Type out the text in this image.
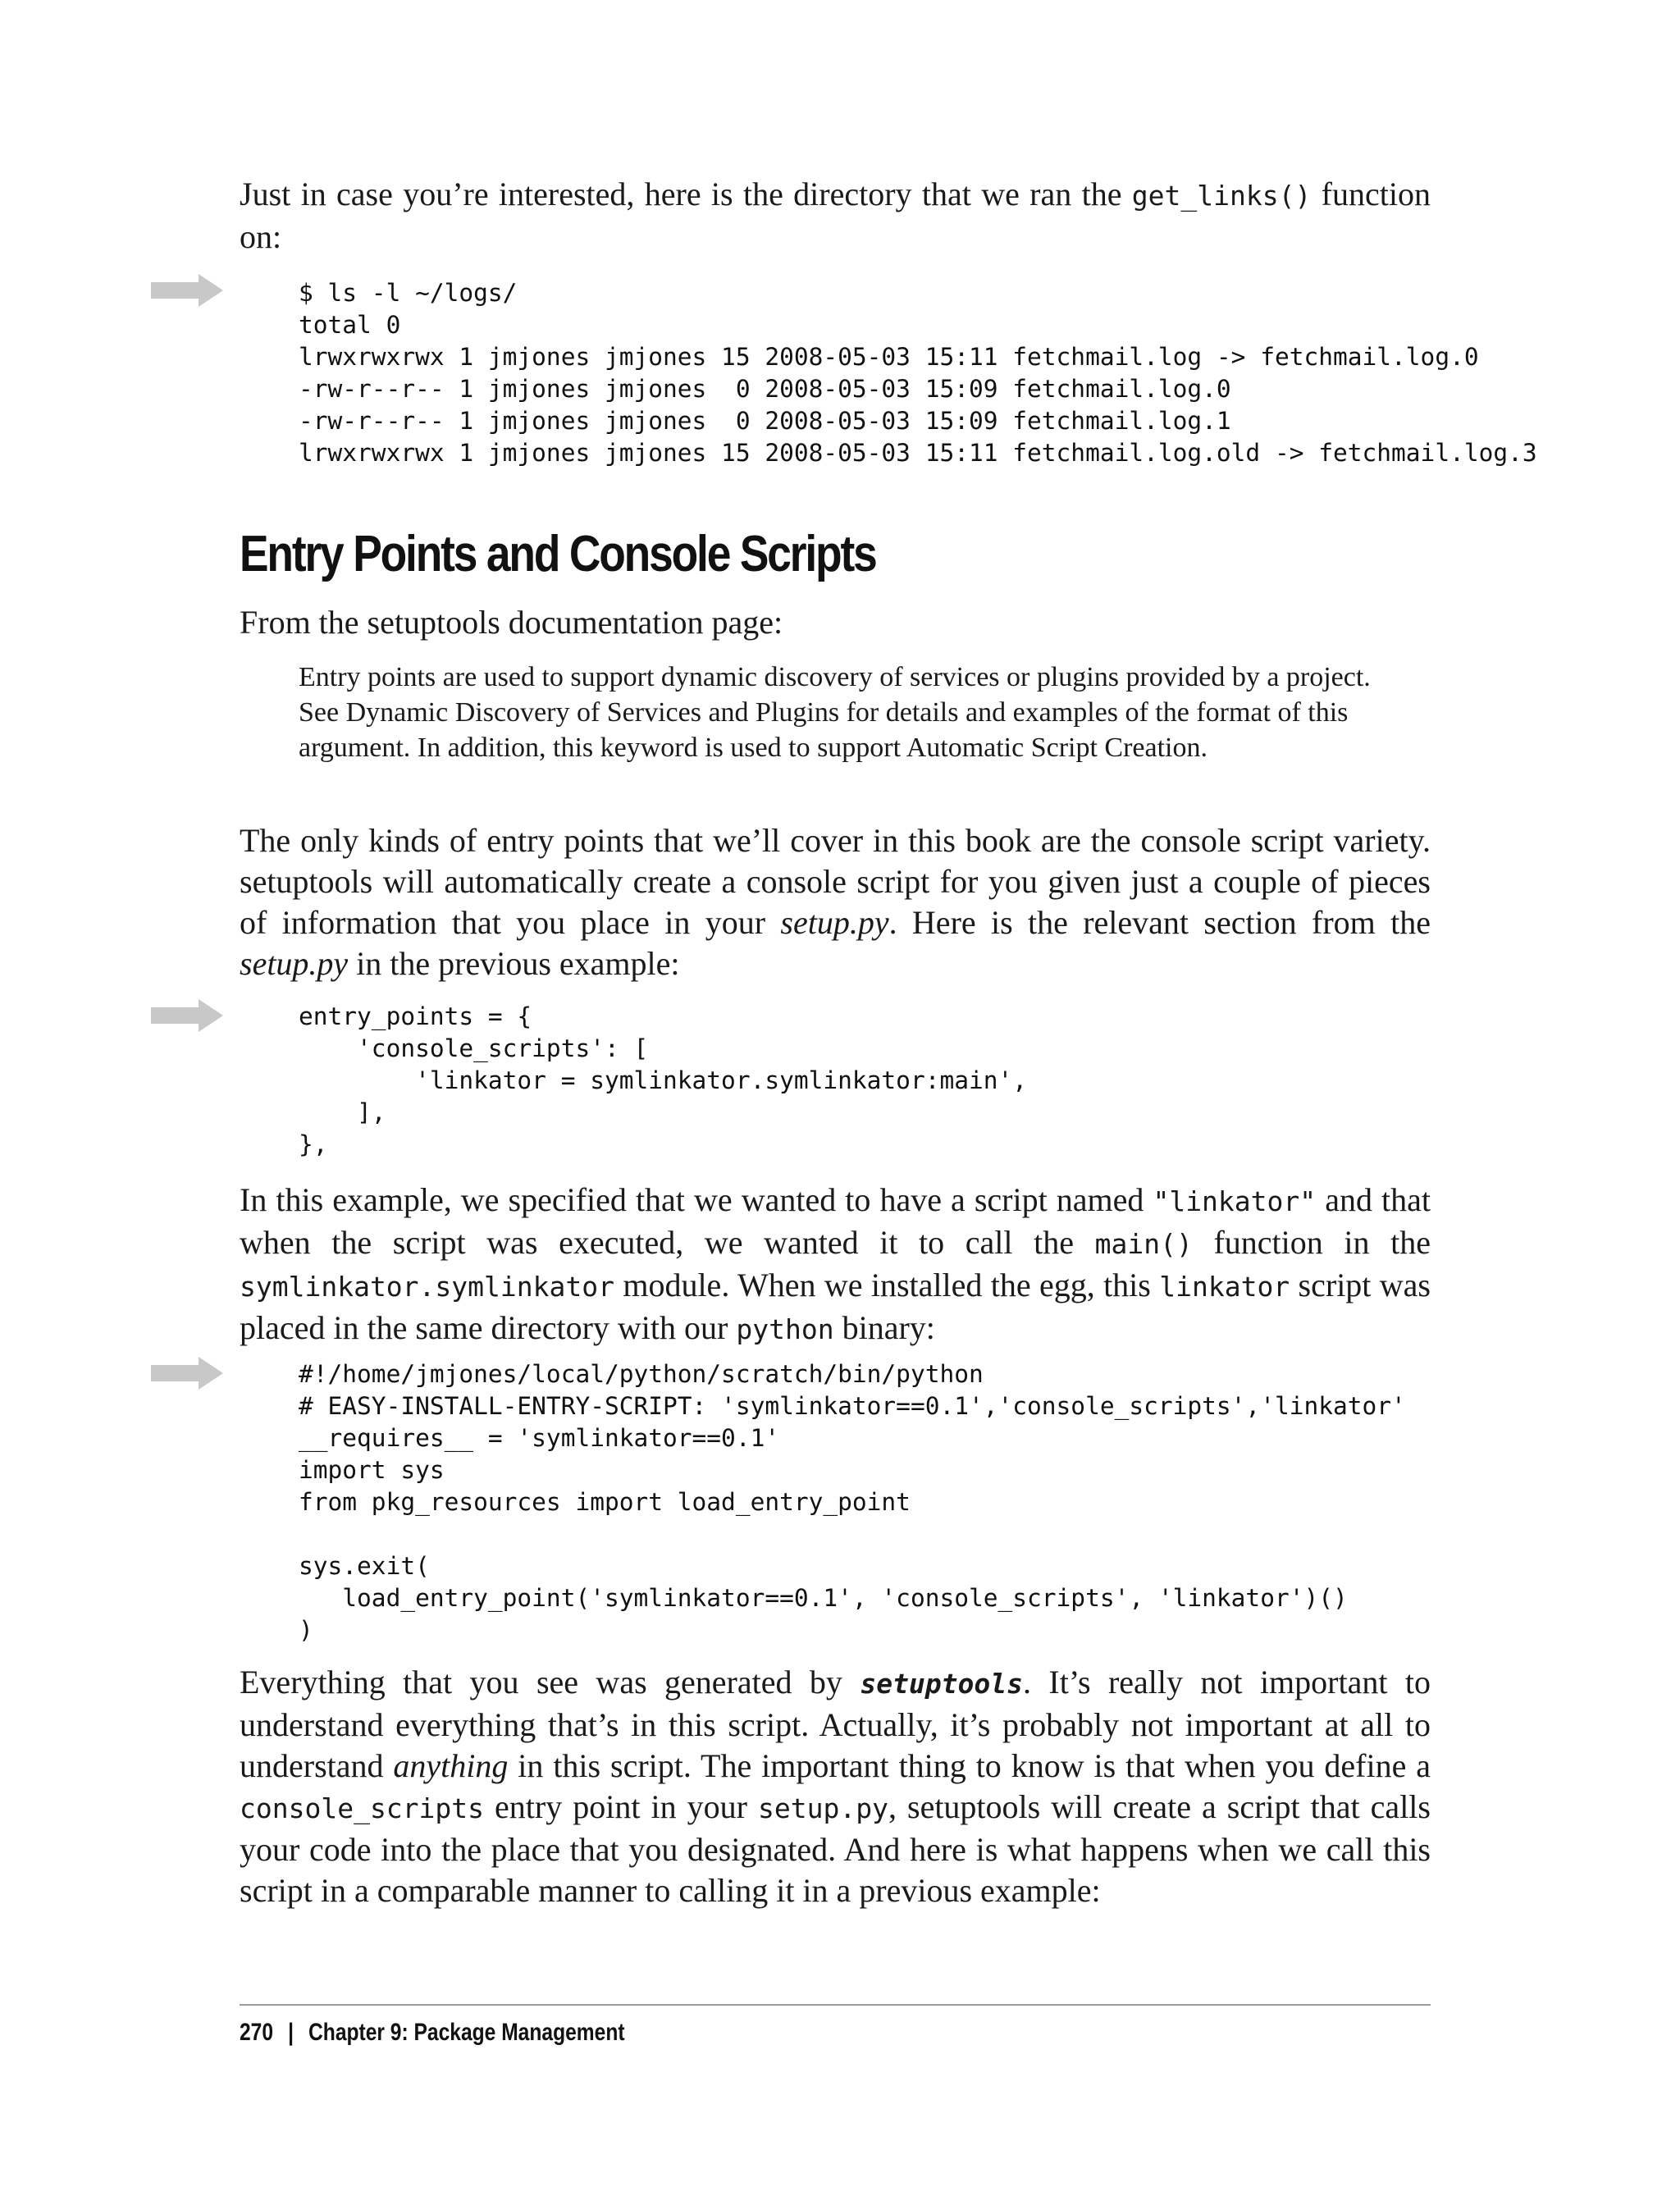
Just in case you’re interested, here is the directory that we ran the get_links() function on:

$ ls -l ~/logs/
total 0
lrwxrwxrwx 1 jmjones jmjones 15 2008-05-03 15:11 fetchmail.log -> fetchmail.log.0
-rw-r--r-- 1 jmjones jmjones  0 2008-05-03 15:09 fetchmail.log.0
-rw-r--r-- 1 jmjones jmjones  0 2008-05-03 15:09 fetchmail.log.1
lrwxrwxrwx 1 jmjones jmjones 15 2008-05-03 15:11 fetchmail.log.old -> fetchmail.log.3
Entry Points and Console Scripts

From the setuptools documentation page:

Entry points are used to support dynamic discovery of services or plugins provided by a project. See Dynamic Discovery of Services and Plugins for details and examples of the format of this argument. In addition, this keyword is used to support Automatic Script Creation.

The only kinds of entry points that we’ll cover in this book are the console script variety. setuptools will automatically create a console script for you given just a couple of pieces of information that you place in your setup.py. Here is the relevant section from the setup.py in the previous example:

entry_points = {
'console_scripts': [
'linkator = symlinkator.symlinkator:main',
],
},

In this example, we specified that we wanted to have a script named "linkator" and that when the script was executed, we wanted it to call the main() function in the symlinkator.symlinkator module. When we installed the egg, this linkator script was placed in the same directory with our python binary:

#!/home/jmjones/local/python/scratch/bin/python
# EASY-INSTALL-ENTRY-SCRIPT: 'symlinkator==0.1','console_scripts','linkator'
__requires__ = 'symlinkator==0.1'
import sys
from pkg_resources import load_entry_point

sys.exit(
load_entry_point('symlinkator==0.1', 'console_scripts', 'linkator')()
)

Everything that you see was generated by setuptools. It’s really not important to understand everything that’s in this script. Actually, it’s probably not important at all to understand anything in this script. The important thing to know is that when you define a console_scripts entry point in your setup.py, setuptools will create a script that calls your code into the place that you designated. And here is what happens when we call this script in a comparable manner to calling it in a previous example:

270 | Chapter 9: Package Management
